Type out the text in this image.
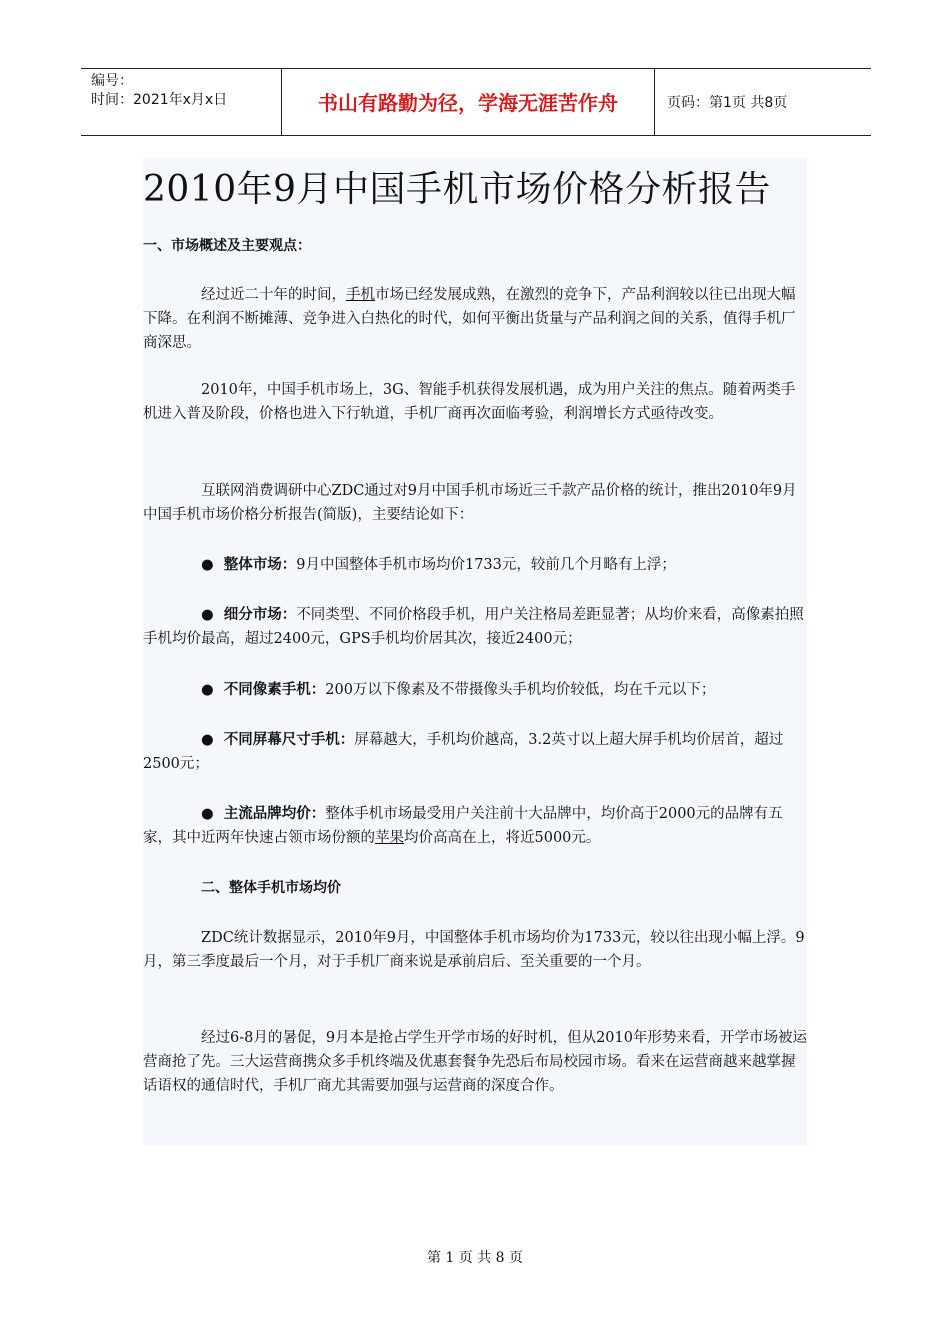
编号：
时间：2021年x月x日	书山有路勤为径，学海无涯苦作舟	页码：第1页 共8页
2010年9月中国手机市场价格分析报告
一、市场概述及主要观点：

经过近二十年的时间，手机市场已经发展成熟，在激烈的竞争下，产品利润较以往已出现大幅下降。在利润不断摊薄、竞争进入白热化的时代，如何平衡出货量与产品利润之间的关系，值得手机厂商深思。

2010年，中国手机市场上，3G、智能手机获得发展机遇，成为用户关注的焦点。随着两类手机进入普及阶段，价格也进入下行轨道，手机厂商再次面临考验，利润增长方式亟待改变。

互联网消费调研中心ZDC通过对9月中国手机市场近三千款产品价格的统计，推出2010年9月中国手机市场价格分析报告(简版)，主要结论如下：

●  整体市场：9月中国整体手机市场均价1733元，较前几个月略有上浮；

●  细分市场：不同类型、不同价格段手机，用户关注格局差距显著；从均价来看，高像素拍照手机均价最高，超过2400元，GPS手机均价居其次，接近2400元；

●  不同像素手机：200万以下像素及不带摄像头手机均价较低，均在千元以下；

●  不同屏幕尺寸手机：屏幕越大，手机均价越高，3.2英寸以上超大屏手机均价居首，超过2500元；

●  主流品牌均价：整体手机市场最受用户关注前十大品牌中，均价高于2000元的品牌有五家，其中近两年快速占领市场份额的苹果均价高高在上，将近5000元。

二、整体手机市场均价

ZDC统计数据显示，2010年9月，中国整体手机市场均价为1733元，较以往出现小幅上浮。9月，第三季度最后一个月，对于手机厂商来说是承前启后、至关重要的一个月。

经过6-8月的暑促，9月本是抢占学生开学市场的好时机，但从2010年形势来看，开学市场被运营商抢了先。三大运营商携众多手机终端及优惠套餐争先恐后布局校园市场。看来在运营商越来越掌握话语权的通信时代，手机厂商尤其需要加强与运营商的深度合作。

第 1 页 共 8 页
